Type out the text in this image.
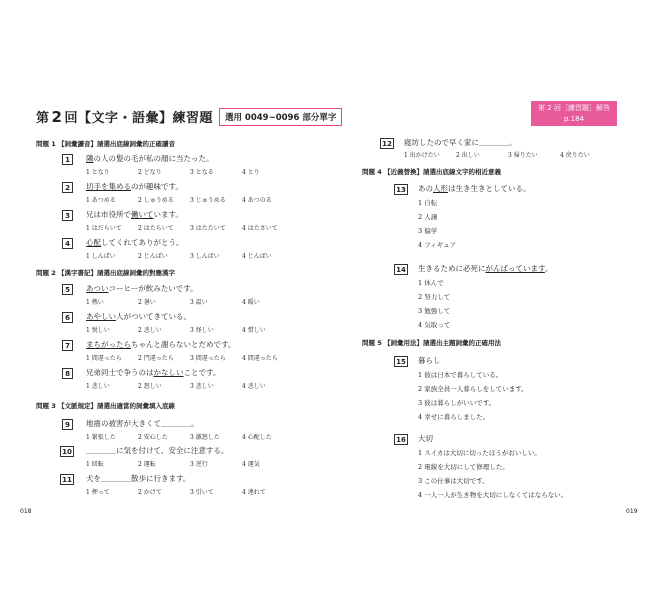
第 2 回【文字・語彙】練習題	選用 0049~0096 部分單字
第 2 回［練習題］解答
p.184
問題 1 【詞彙讀音】請選出底線詞彙的正確讀音
1	隣の人の髪の毛が私の顔に当たった。
1 となり	2 どなり	3 となる	4 とり
2	切手を集めるのが趣味です。
1 あつめる	2 しゅうめる	3 じゅうめる	4 あつのる
3	兄は市役所で働いています。
1 はだらいて	2 はたらいて	3 はたたいて	4 はたさいて
4	心配してくれてありがとう。
1 しんぱい	2 じんぱい	3 しんばい	4 じんばい
問題 2 【漢字書記】請選出底線詞彙的對應漢字
5	あついコーヒーが飲みたいです。
1 熱い	2 暑い	3 温い	4 暖い
6	あやしい人がついてきている。
1 悦しい	2 悲しい	3 怪しい	4 惜しい
7	まちがったらちゃんと謝らないとだめです。
1 間違ったら	2 門違ったら	3 間違ったら	4 間違ったら
8	兄弟同士で争うのはかなしいことです。
1 悲しい	2 怒しい	3 悲しい	4 悲しい
問題 3 【文脈規定】請選出適當的詞彙填入底線
9	地震の被害が大きくて＿＿＿＿。
1 緊張した	2 安心した	3 激怒した	4 心配した
10 ＿＿＿＿に気を付けて、安全に注意する。
1 回転	2 運転	3 逆行	4 運気
11 犬を＿＿＿＿散歩に行きます。
1 押って	2 かけて	3 引いて	4 連れて
018
12 寝坊したので早く家に＿＿＿＿。
1 出かけたい	2 出しい	3 帰りたい	4 戻りたい
問題 4 【近義替換】請選出底線文字的相近意義
13 あの人形は生き生きとしている。
1 自転
2 人譲
3 偏学
4 フィギュア
14 生きるために必死にがんばっています。
1 休んで
2 努力して
3 勉強して
4 気取って
問題 5 【詞彙用法】請選出主題詞彙的正確用法
15 暮らし
1 彼は日本で暮らしている。
2 家族全員一人暮らしをしています。
3 彼は暮らしがいいです。
4 幸せに暮らしました。
16 大切
1 スイカは大切に切ったほうがおいしい。
2 電線を大切にして修理した。
3 この仕事は大切です。
4 一人一人が生き物を大切にしなくてはならない。
019
